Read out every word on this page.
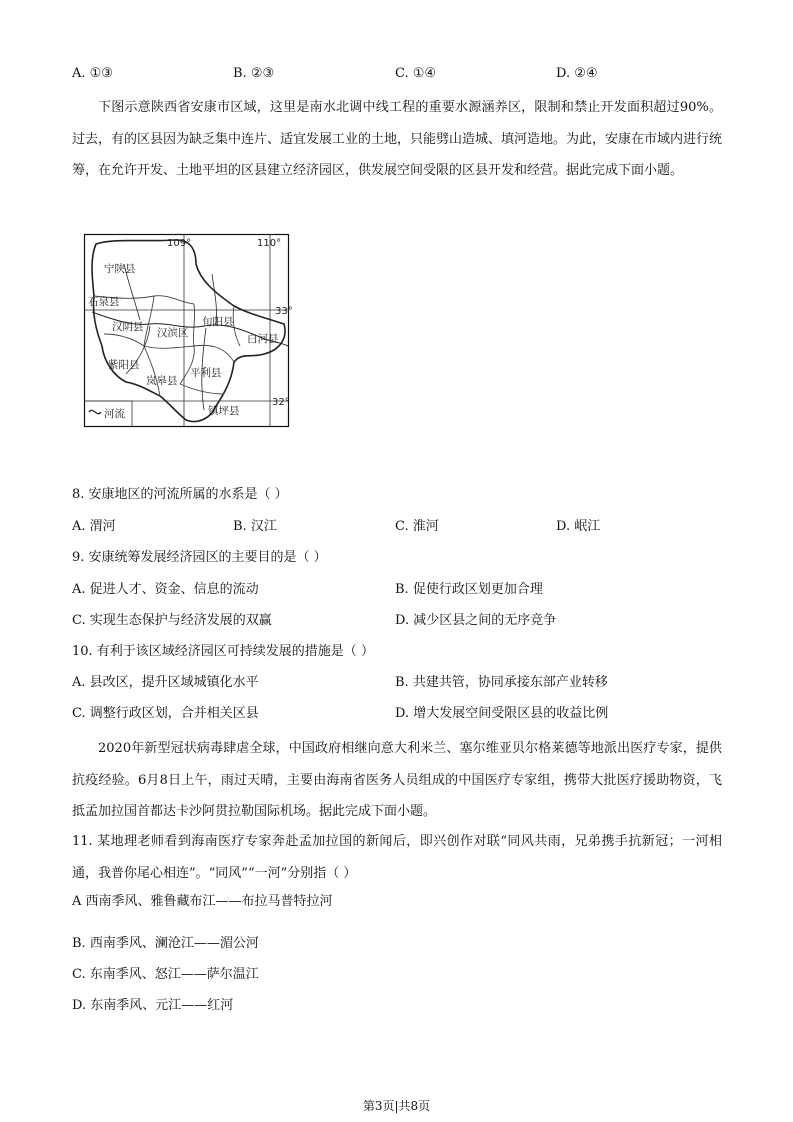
A. ①③	B. ②③	C. ①④	D. ②④
下图示意陕西省安康市区域，这里是南水北调中线工程的重要水源涵养区，限制和禁止开发面积超过90%。过去，有的区县因为缺乏集中连片、适宜发展工业的土地，只能劈山造城、填河造地。为此，安康在市域内进行统筹，在允许开发、土地平坦的区县建立经济园区，供发展空间受限的区县开发和经营。据此完成下面小题。
109°	110°
33°
32°
宁陕县
石泉县
汉阴县 汉滨区
旬阳县
白河县
紫阳县
岚皋县
平利县
镇坪县
河流
8. 安康地区的河流所属的水系是（ ）
A. 渭河	B. 汉江	C. 淮河	D. 岷江
9. 安康统筹发展经济园区的主要目的是（ ）
A. 促进人才、资金、信息的流动	B. 促使行政区划更加合理
C. 实现生态保护与经济发展的双赢	D. 减少区县之间的无序竞争
10. 有利于该区域经济园区可持续发展的措施是（ ）
A. 县改区，提升区域城镇化水平	B. 共建共管，协同承接东部产业转移
C. 调整行政区划，合并相关区县	D. 增大发展空间受限区县的收益比例
2020年新型冠状病毒肆虐全球，中国政府相继向意大利米兰、塞尔维亚贝尔格莱德等地派出医疗专家，提供抗疫经验。6月8日上午，雨过天晴，主要由海南省医务人员组成的中国医疗专家组，携带大批医疗援助物资，飞抵孟加拉国首都达卡沙阿贯拉勒国际机场。据此完成下面小题。
11. 某地理老师看到海南医疗专家奔赴孟加拉国的新闻后，即兴创作对联“同风共雨，兄弟携手抗新冠；一河相通，我普你尾心相连”。“同风”“一河”分别指（ ）
A 西南季风、雅鲁藏布江——布拉马普特拉河
B. 西南季风、澜沧江——湄公河
C. 东南季风、怒江——萨尔温江
D. 东南季风、元江——红河
第3页|共8页
